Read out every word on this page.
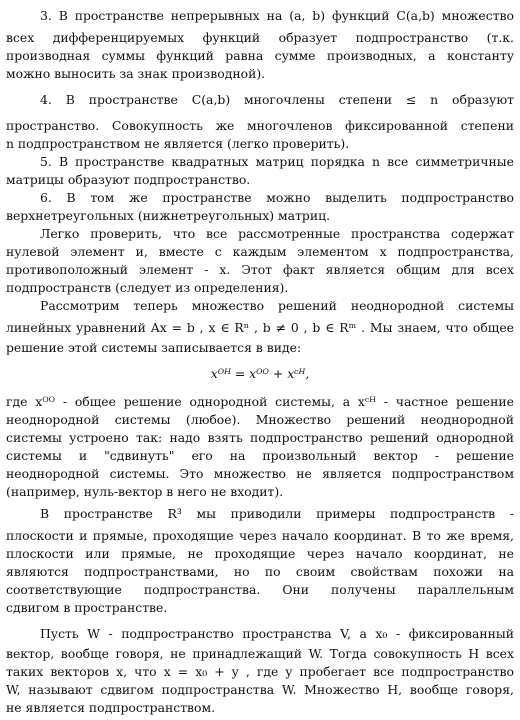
3. В пространстве непрерывных на (a, b) функций C(a,b) множество
всех дифференцируемых функций образует подпространство (т.к.
производная суммы функций равна сумме производных, а константу
можно выносить за знак производной).
4. В пространстве C(a,b) многочлены степени ≤ n образуют
пространство. Совокупность же многочленов фиксированной степени
n подпространством не является (легко проверить).
5. В пространстве квадратных матриц порядка n все симметричные
матрицы образуют подпространство.
6. В том же пространстве можно выделить подпространство
верхнетреугольных (нижнетреугольных) матриц.
Легко проверить, что все рассмотренные пространства содержат
нулевой элемент и, вместе с каждым элементом x подпространства,
противоположный элемент - x. Этот факт является общим для всех
подпространств (следует из определения).
Рассмотрим теперь множество решений неоднородной системы
линейных уравнений Ax = b , x ∈ Rⁿ , b ≠ 0 , b ∈ Rᵐ . Мы знаем, что общее
решение этой системы записывается в виде:
xᴼᴴ = xᴼᴼ + xᶜᴴ,
где xᴼᴼ - общее решение однородной системы, а xᶜᴴ - частное решение
неоднородной системы (любое). Множество решений неоднородной
системы устроено так: надо взять подпространство решений однородной
системы и "сдвинуть" его на произвольный вектор - решение
неоднородной системы. Это множество не является подпространством
(например, нуль-вектор в него не входит).
В пространстве R³ мы приводили примеры подпространств -
плоскости и прямые, проходящие через начало координат. В то же время,
плоскости или прямые, не проходящие через начало координат, не
являются подпространствами, но по своим свойствам похожи на
соответствующие подпространства. Они получены параллельным
сдвигом в пространстве.
Пусть W - подпространство пространства V, а x₀ - фиксированный
вектор, вообще говоря, не принадлежащий W. Тогда совокупность H всех
таких векторов x, что x = x₀ + y , где y пробегает все подпространство
W, называют сдвигом подпространства W. Множество H, вообще говоря,
не является подпространством.
